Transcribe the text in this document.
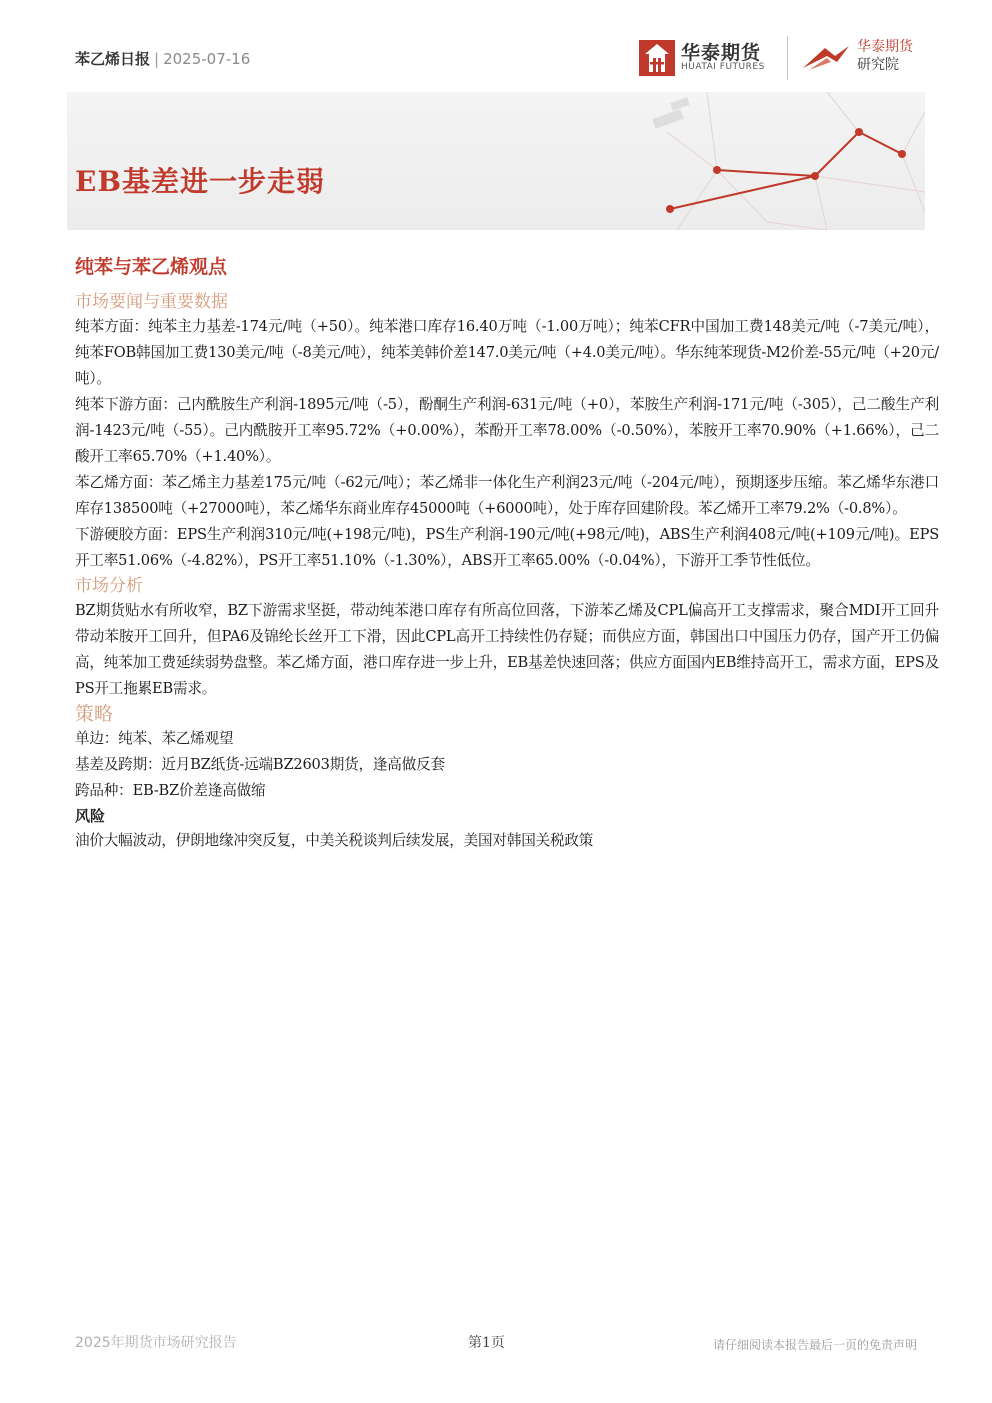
苯乙烯日报 | 2025-07-16	华泰期货
HUATAI FUTURES
华泰期货
研究院
EB基差进一步走弱
纯苯与苯乙烯观点
市场要闻与重要数据

纯苯方面：纯苯主力基差-174元/吨（+50）。纯苯港口库存16.40万吨（-1.00万吨）；纯苯CFR中国加工费148美元/吨（-7美元/吨），纯苯FOB韩国加工费130美元/吨（-8美元/吨），纯苯美韩价差147.0美元/吨（+4.0美元/吨）。华东纯苯现货-M2价差-55元/吨（+20元/吨）。

纯苯下游方面：己内酰胺生产利润-1895元/吨（-5），酚酮生产利润-631元/吨（+0），苯胺生产利润-171元/吨（-305），己二酸生产利润-1423元/吨（-55）。己内酰胺开工率95.72%（+0.00%），苯酚开工率78.00%（-0.50%），苯胺开工率70.90%（+1.66%），己二酸开工率65.70%（+1.40%）。

苯乙烯方面：苯乙烯主力基差175元/吨（-62元/吨）；苯乙烯非一体化生产利润23元/吨（-204元/吨），预期逐步压缩。苯乙烯华东港口库存138500吨（+27000吨），苯乙烯华东商业库存45000吨（+6000吨），处于库存回建阶段。苯乙烯开工率79.2%（-0.8%）。

下游硬胶方面：EPS生产利润310元/吨(+198元/吨)，PS生产利润-190元/吨(+98元/吨)，ABS生产利润408元/吨(+109元/吨)。EPS开工率51.06%（-4.82%），PS开工率51.10%（-1.30%），ABS开工率65.00%（-0.04%），下游开工季节性低位。

市场分析

BZ期货贴水有所收窄，BZ下游需求坚挺，带动纯苯港口库存有所高位回落，下游苯乙烯及CPL偏高开工支撑需求，聚合MDI开工回升带动苯胺开工回升，但PA6及锦纶长丝开工下滑，因此CPL高开工持续性仍存疑；而供应方面，韩国出口中国压力仍存，国产开工仍偏高，纯苯加工费延续弱势盘整。苯乙烯方面，港口库存进一步上升，EB基差快速回落；供应方面国内EB维持高开工，需求方面，EPS及PS开工拖累EB需求。

策略

单边：纯苯、苯乙烯观望

基差及跨期：近月BZ纸货-远端BZ2603期货，逢高做反套

跨品种：EB-BZ价差逢高做缩

风险

油价大幅波动，伊朗地缘冲突反复，中美关税谈判后续发展，美国对韩国关税政策

2025年期货市场研究报告	第1页	请仔细阅读本报告最后一页的免责声明
